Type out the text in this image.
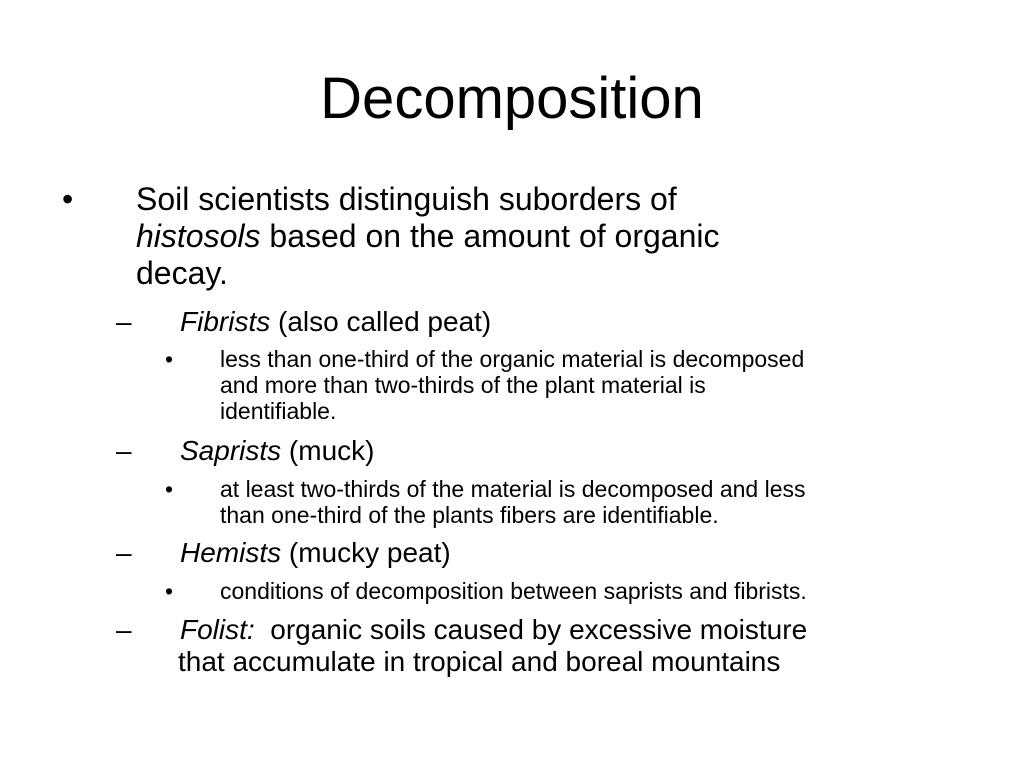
Decomposition
• Soil scientists distinguish suborders of

histosols based on the amount of organic

decay.

– Fibrists (also called peat)

• less than one-third of the organic material is decomposed

and more than two-thirds of the plant material is

identifiable.

– Saprists (muck)

• at least two-thirds of the material is decomposed and less

than one-third of the plants fibers are identifiable.

– Hemists (mucky peat)

• conditions of decomposition between saprists and fibrists.

– Folist:  organic soils caused by excessive moisture

that accumulate in tropical and boreal mountains
